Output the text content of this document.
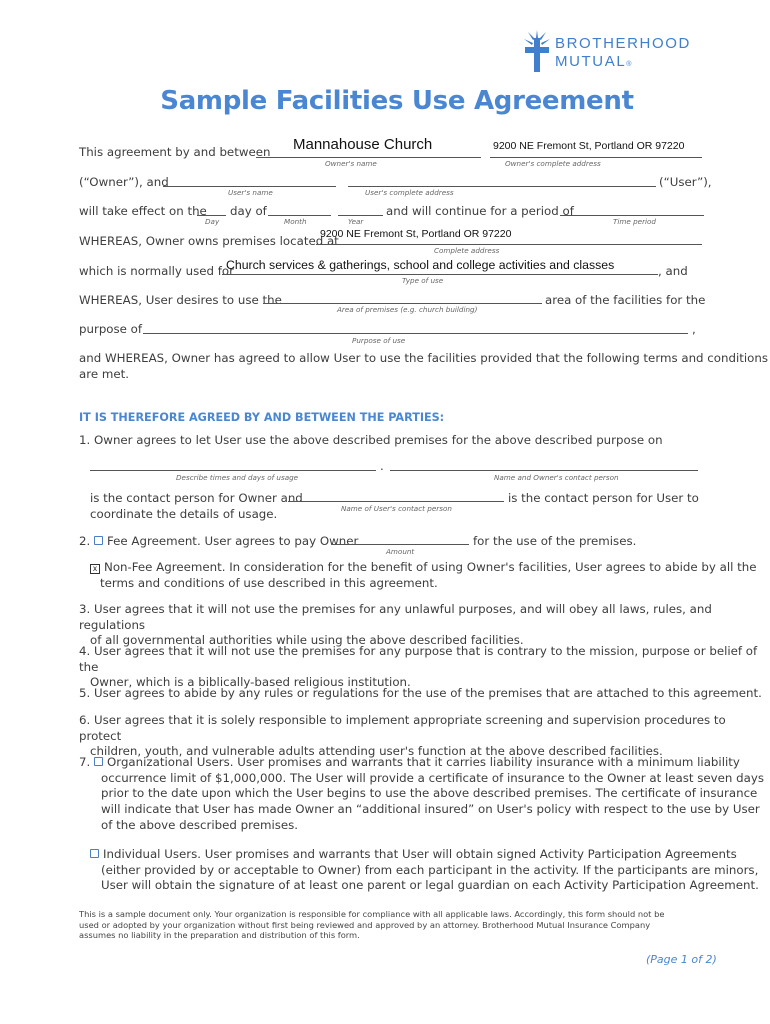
BROTHERHOOD
MUTUAL®
Sample Facilities Use Agreement
This agreement by and between Mannahouse Church
Owner's name
9200 NE Fremont St, Portland OR 97220
Owner's complete address
(“Owner”), and
User's name	User's complete address
(“User”),
will take effect on the
Day
day of
Month	Year
and will continue for a period of
Time period
WHEREAS, Owner owns premises located at
9200 NE Fremont St, Portland OR 97220
Complete address
which is normally used for
Church services & gatherings, school and college activities and classes	, and
Type of use
WHEREAS, User desires to use the
Area of premises (e.g. church building)
area of the facilities for the
purpose of	,
Purpose of use
and WHEREAS, Owner has agreed to allow User to use the facilities provided that the following terms and conditions
are met.
IT IS THEREFORE AGREED BY AND BETWEEN THE PARTIES:
1. Owner agrees to let User use the above described premises for the above described purpose on
.
Describe times and days of usage	Name and Owner's contact person
is the contact person for Owner and	is the contact person for User to
coordinate the details of usage.	Name of User's contact person
2. Fee Agreement. User agrees to pay Owner
Amount
for the use of the premises.
x Non-Fee Agreement. In consideration for the benefit of using Owner's facilities, User agrees to abide by all the
terms and conditions of use described in this agreement.
3. User agrees that it will not use the premises for any unlawful purposes, and will obey all laws, rules, and regulations
of all governmental authorities while using the above described facilities.
4. User agrees that it will not use the premises for any purpose that is contrary to the mission, purpose or belief of the
Owner, which is a biblically-based religious institution.
5. User agrees to abide by any rules or regulations for the use of the premises that are attached to this agreement.
6. User agrees that it is solely responsible to implement appropriate screening and supervision procedures to protect
children, youth, and vulnerable adults attending user's function at the above described facilities.
7. Organizational Users. User promises and warrants that it carries liability insurance with a minimum liability
occurrence limit of $1,000,000. The User will provide a certificate of insurance to the Owner at least seven days
prior to the date upon which the User begins to use the above described premises. The certificate of insurance
will indicate that User has made Owner an “additional insured” on User's policy with respect to the use by User
of the above described premises.
Individual Users. User promises and warrants that User will obtain signed Activity Participation Agreements
(either provided by or acceptable to Owner) from each participant in the activity. If the participants are minors,
User will obtain the signature of at least one parent or legal guardian on each Activity Participation Agreement.
This is a sample document only. Your organization is responsible for compliance with all applicable laws. Accordingly, this form should not be
used or adopted by your organization without first being reviewed and approved by an attorney. Brotherhood Mutual Insurance Company
assumes no liability in the preparation and distribution of this form.
(Page 1 of 2)
